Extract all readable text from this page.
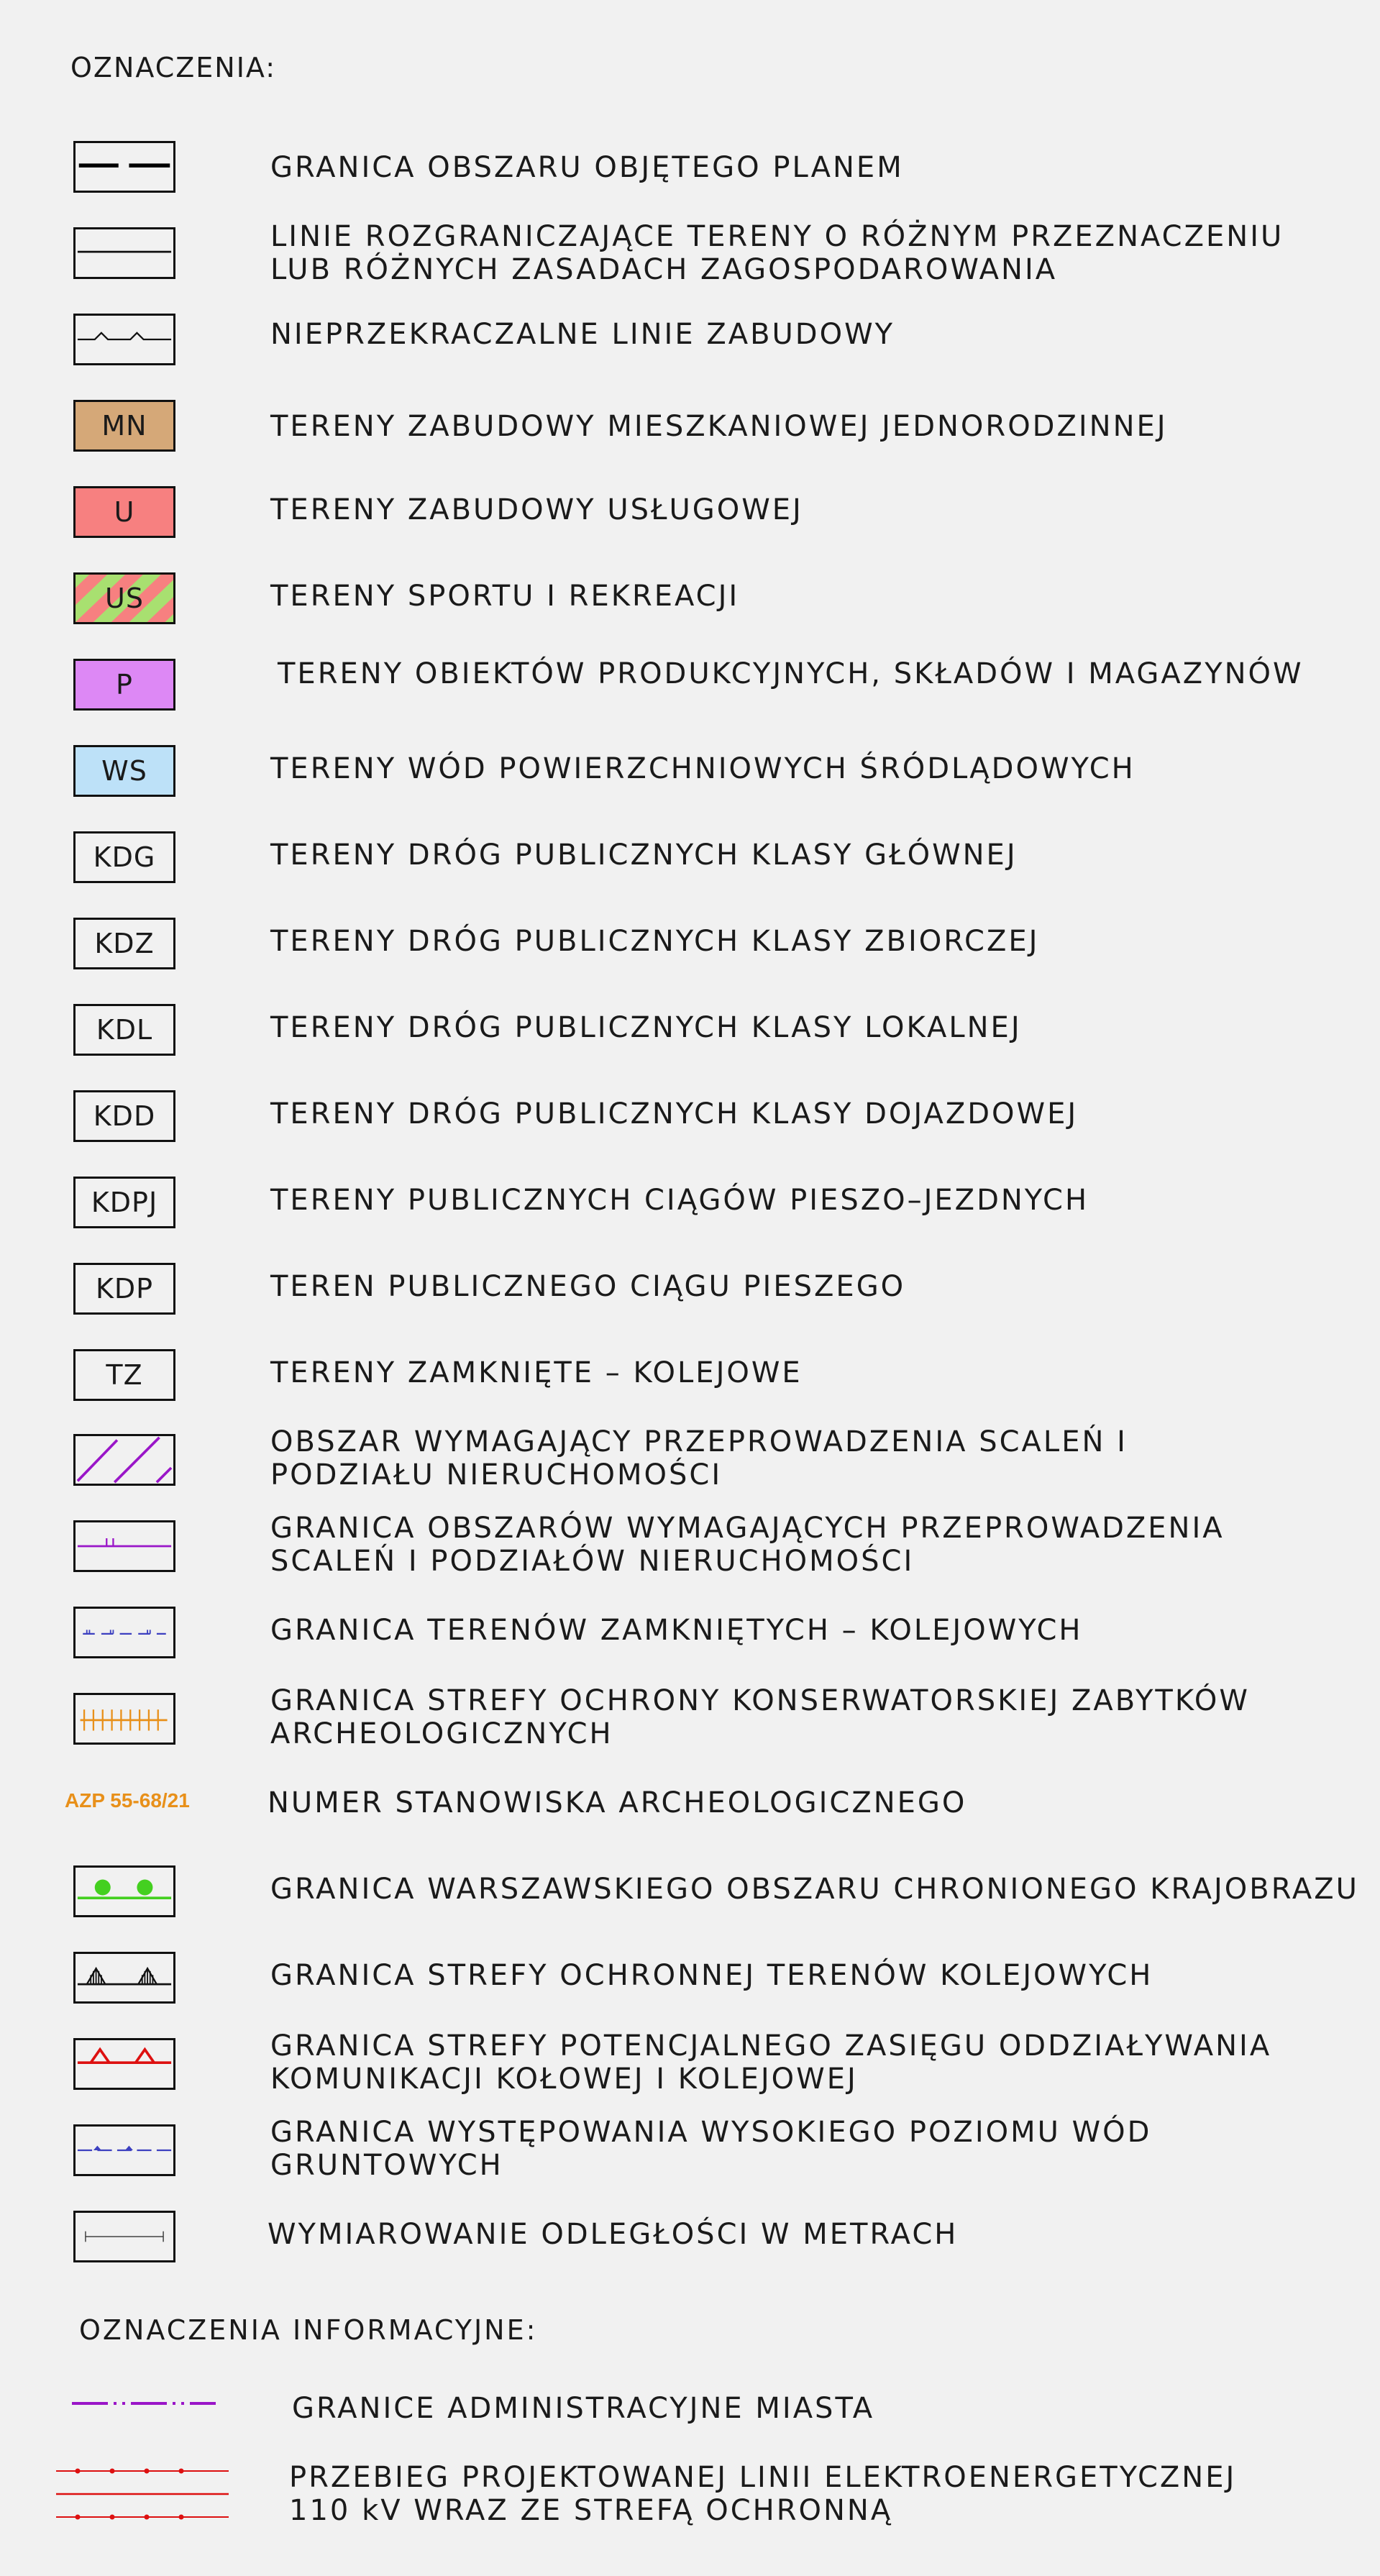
OZNACZENIA:
GRANICA OBSZARU OBJĘTEGO PLANEM
LINIE ROZGRANICZAJĄCE TERENY O RÓŻNYM PRZEZNACZENIU
LUB RÓŻNYCH ZASADACH ZAGOSPODAROWANIA
NIEPRZEKRACZALNE LINIE ZABUDOWY
MN	TERENY ZABUDOWY MIESZKANIOWEJ JEDNORODZINNEJ
U	TERENY ZABUDOWY USŁUGOWEJ
US	TERENY SPORTU I REKREACJI
P	TERENY OBIEKTÓW PRODUKCYJNYCH, SKŁADÓW I MAGAZYNÓW
WS	TERENY WÓD POWIERZCHNIOWYCH ŚRÓDLĄDOWYCH
KDG	TERENY DRÓG PUBLICZNYCH KLASY GŁÓWNEJ
KDZ	TERENY DRÓG PUBLICZNYCH KLASY ZBIORCZEJ
KDL	TERENY DRÓG PUBLICZNYCH KLASY LOKALNEJ
KDD	TERENY DRÓG PUBLICZNYCH KLASY DOJAZDOWEJ
KDPJ	TERENY PUBLICZNYCH CIĄGÓW PIESZO–JEZDNYCH
KDP	TEREN PUBLICZNEGO CIĄGU PIESZEGO
TZ	TERENY ZAMKNIĘTE – KOLEJOWE
OBSZAR WYMAGAJĄCY PRZEPROWADZENIA SCALEŃ I
PODZIAŁU NIERUCHOMOŚCI
GRANICA OBSZARÓW WYMAGAJĄCYCH PRZEPROWADZENIA
SCALEŃ I PODZIAŁÓW NIERUCHOMOŚCI
GRANICA TERENÓW ZAMKNIĘTYCH – KOLEJOWYCH
GRANICA STREFY OCHRONY KONSERWATORSKIEJ ZABYTKÓW
ARCHEOLOGICZNYCH
AZP 55-68/21	NUMER STANOWISKA ARCHEOLOGICZNEGO
GRANICA WARSZAWSKIEGO OBSZARU CHRONIONEGO KRAJOBRAZU
GRANICA STREFY OCHRONNEJ TERENÓW KOLEJOWYCH
GRANICA STREFY POTENCJALNEGO ZASIĘGU ODDZIAŁYWANIA
KOMUNIKACJI KOŁOWEJ I KOLEJOWEJ
GRANICA WYSTĘPOWANIA WYSOKIEGO POZIOMU WÓD
GRUNTOWYCH
WYMIAROWANIE ODLEGŁOŚCI W METRACH
OZNACZENIA INFORMACYJNE:
GRANICE ADMINISTRACYJNE MIASTA
PRZEBIEG PROJEKTOWANEJ LINII ELEKTROENERGETYCZNEJ
110 kV WRAZ ZE STREFĄ OCHRONNĄ
